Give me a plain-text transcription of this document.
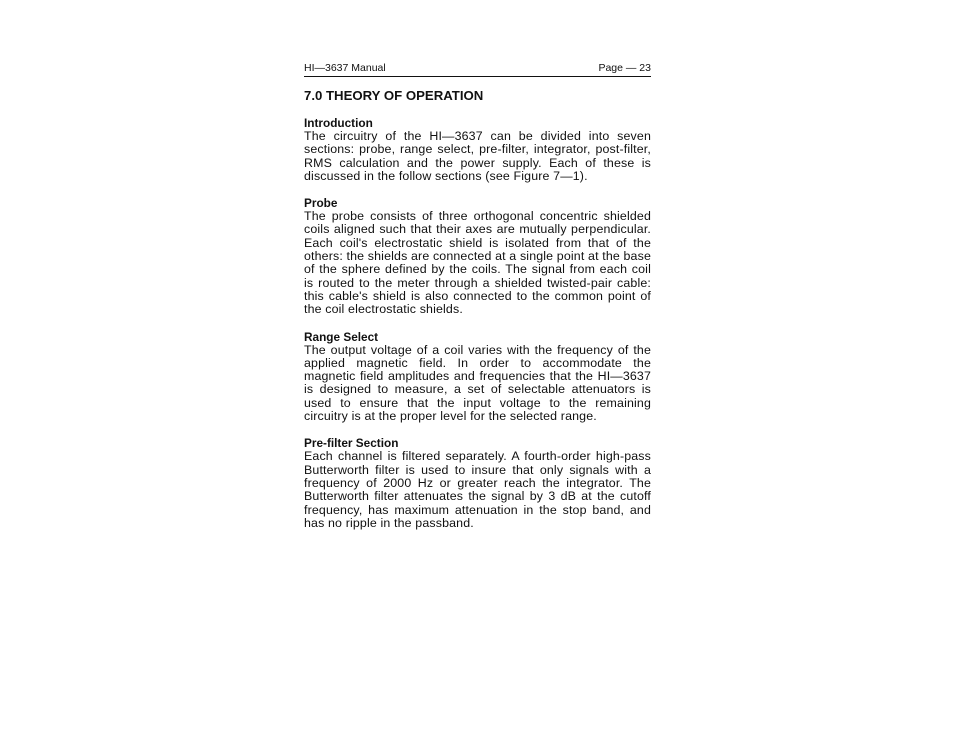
HI—3637 Manual	Page — 23
7.0 THEORY OF OPERATION
Introduction

The circuitry of the HI—3637 can be divided into seven sections: probe, range select, pre-filter, integrator, post-filter, RMS calculation and the power supply. Each of these is discussed in the follow sections (see Figure 7—1).

Probe

The probe consists of three orthogonal concentric shielded coils aligned such that their axes are mutually perpendicular. Each coil's electrostatic shield is isolated from that of the others: the shields are connected at a single point at the base of the sphere defined by the coils. The signal from each coil is routed to the meter through a shielded twisted-pair cable: this cable's shield is also connected to the common point of the coil electrostatic shields.

Range Select

The output voltage of a coil varies with the frequency of the applied magnetic field. In order to accommodate the magnetic field amplitudes and frequencies that the HI—3637 is designed to measure, a set of selectable attenuators is used to ensure that the input voltage to the remaining circuitry is at the proper level for the selected range.

Pre-filter Section

Each channel is filtered separately. A fourth-order high-pass Butterworth filter is used to insure that only signals with a frequency of 2000 Hz or greater reach the integrator. The Butterworth filter attenuates the signal by 3 dB at the cutoff frequency, has maximum attenuation in the stop band, and has no ripple in the passband.
